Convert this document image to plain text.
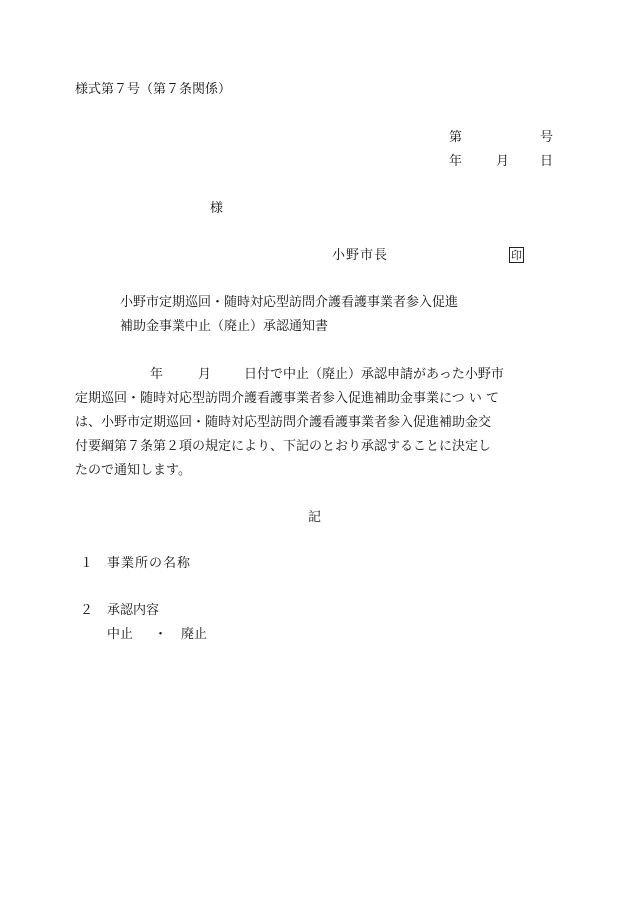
様式第７号（第７条関係）
第	号
年	月 日
様
小野市長	印
小野市定期巡回・随時対応型訪問介護看護事業者参入促進
補助金事業中止（廃止）承認通知書
年	月	日付で中止（廃止）承認申請があった小野市
定期巡回・随時対応型訪問介護看護事業者参入促進補助金事業につ い て
は、小野市定期巡回・随時対応型訪問介護看護事業者参入促進補助金交
付要綱第７条第２項の規定により、下記のとおり承認することに決定し
たので通知します。
記
１ 事業所の名称
２ 承認内容
中止 ・ 廃止
